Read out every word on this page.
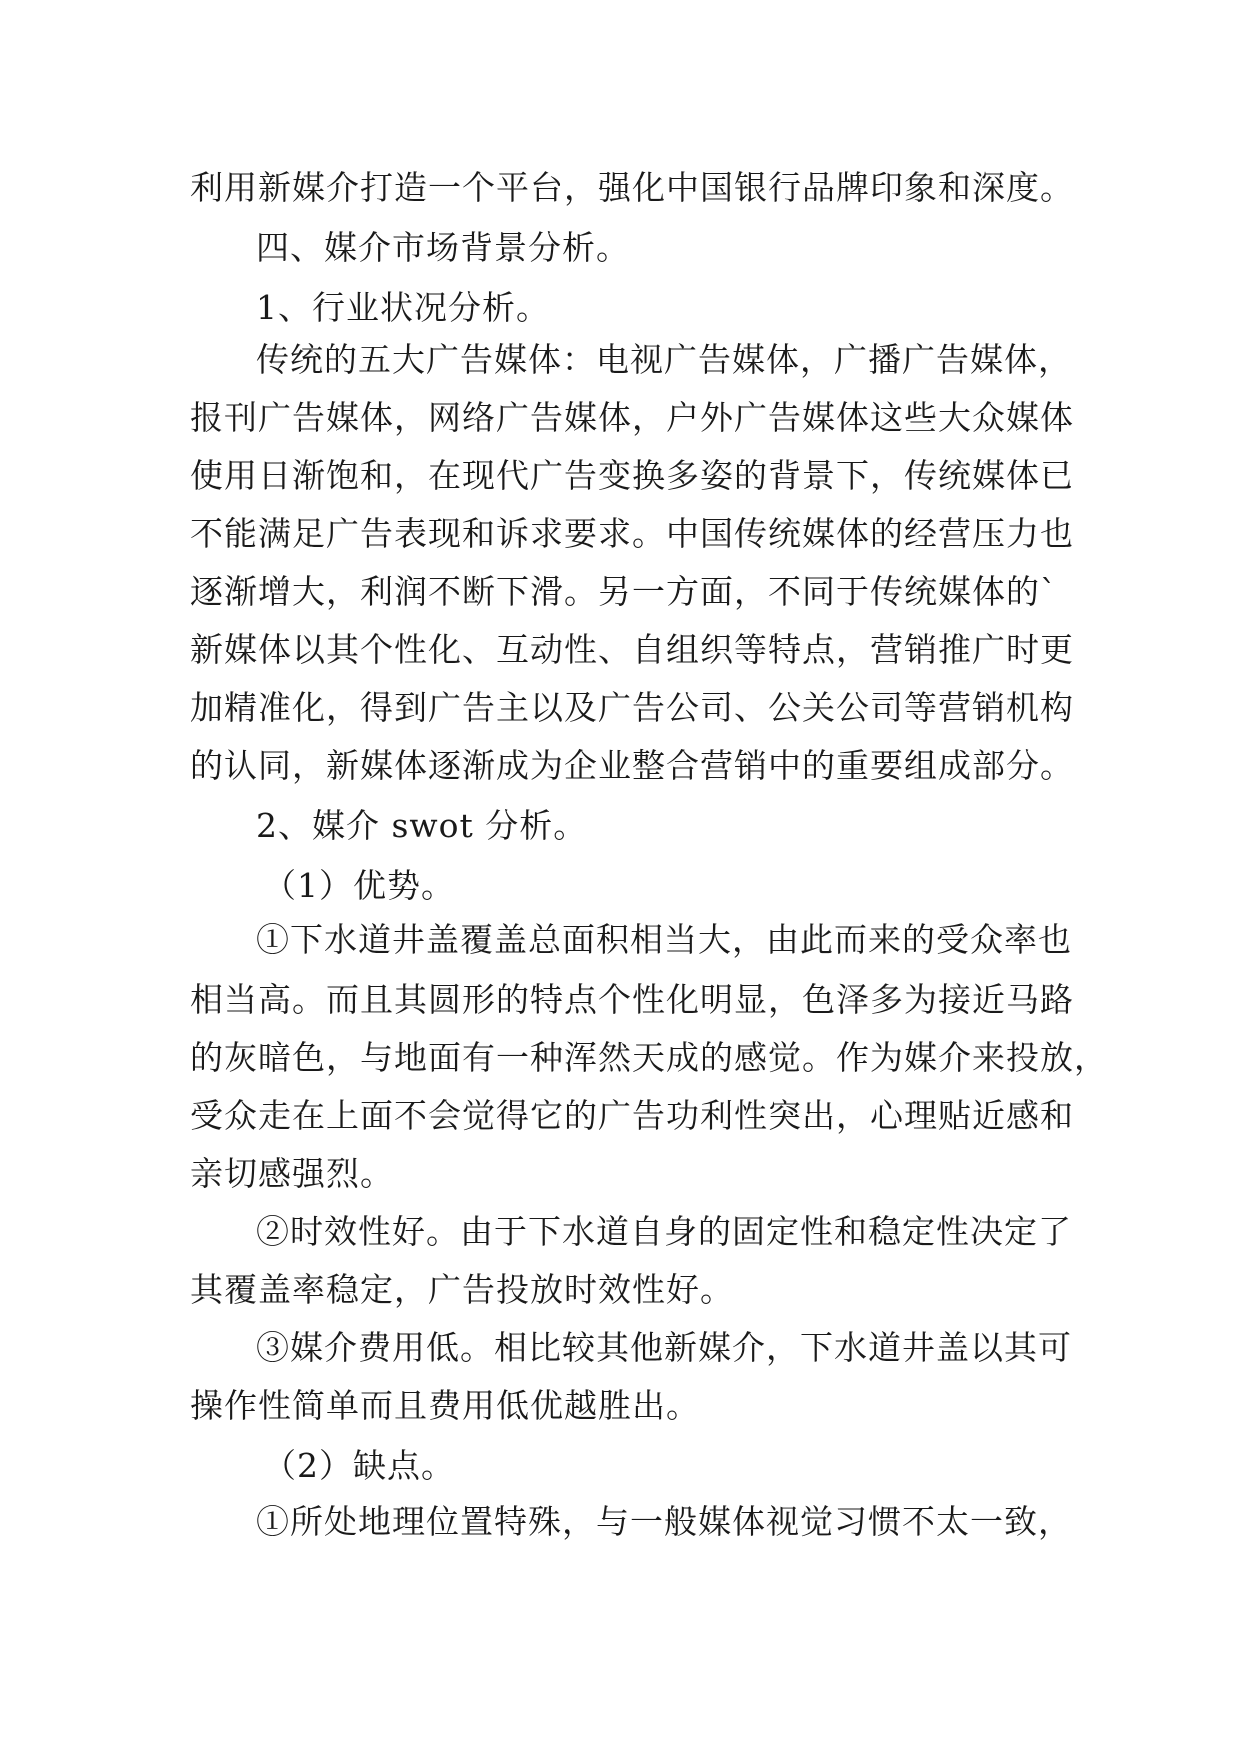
利用新媒介打造一个平台，强化中国银行品牌印象和深度。
四、媒介市场背景分析。
1、行业状况分析。
传统的五大广告媒体：电视广告媒体，广播广告媒体，
报刊广告媒体，网络广告媒体，户外广告媒体这些大众媒体
使用日渐饱和，在现代广告变换多姿的背景下，传统媒体已
不能满足广告表现和诉求要求。中国传统媒体的经营压力也
逐渐增大，利润不断下滑。另一方面，不同于传统媒体的`
新媒体以其个性化、互动性、自组织等特点，营销推广时更
加精准化，得到广告主以及广告公司、公关公司等营销机构
的认同，新媒体逐渐成为企业整合营销中的重要组成部分。
2、媒介 swot 分析。
（1）优势。
①下水道井盖覆盖总面积相当大，由此而来的受众率也
相当高。而且其圆形的特点个性化明显，色泽多为接近马路
的灰暗色，与地面有一种浑然天成的感觉。作为媒介来投放，
受众走在上面不会觉得它的广告功利性突出，心理贴近感和
亲切感强烈。
②时效性好。由于下水道自身的固定性和稳定性决定了
其覆盖率稳定，广告投放时效性好。
③媒介费用低。相比较其他新媒介，下水道井盖以其可
操作性简单而且费用低优越胜出。
（2）缺点。
①所处地理位置特殊，与一般媒体视觉习惯不太一致，
